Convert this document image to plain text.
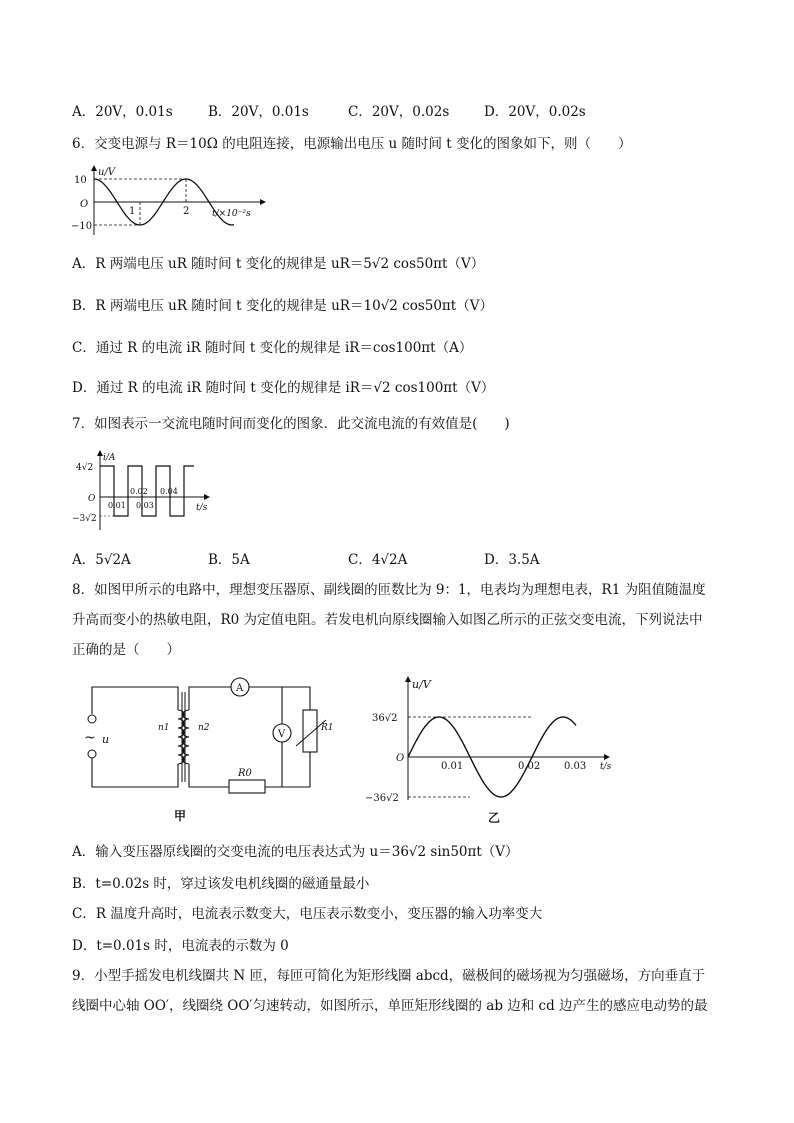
A．20V，0.01s	B．20V，0.01s	C．20V，0.02s	D．20V，0.02s
6．交变电源与 R＝10Ω 的电阻连接，电源输出电压 u 随时间 t 变化的图象如下，则（　　）
u/V
10
−10
O
1	2	t/×10⁻²s
A．R 两端电压 uR 随时间 t 变化的规律是 uR＝5√2 cos50πt（V）
B．R 两端电压 uR 随时间 t 变化的规律是 uR＝10√2 cos50πt（V）
C．通过 R 的电流 iR 随时间 t 变化的规律是 iR＝cos100πt（A）
D．通过 R 的电流 iR 随时间 t 变化的规律是 iR＝√2 cos100πt（V）
7．如图表示一交流电随时间而变化的图象．此交流电流的有效值是(　　)
i/A
4√2
−3√2
O
0.02 0.04
0.01 0.03	t/s
A．5√2A	B．5A	C．4√2A	D．3.5A
8．如图甲所示的电路中，理想变压器原、副线圈的匝数比为 9：1，电表均为理想电表，R1 为阻值随温度
升高而变小的热敏电阻，R0 为定值电阻。若发电机向原线圈输入如图乙所示的正弦交变电流，下列说法中
正确的是（　　）
~ u
n1	n2
A
R1
V
R0
甲
u/V
36√2
−36√2
O
0.01	0.02 0.03 t/s
乙
A．输入变压器原线圈的交变电流的电压表达式为 u＝36√2 sin50πt（V）
B．t=0.02s 时，穿过该发电机线圈的磁通量最小
C．R 温度升高时，电流表示数变大，电压表示数变小，变压器的输入功率变大
D．t=0.01s 时，电流表的示数为 0
9．小型手摇发电机线圈共 N 匝，每匝可简化为矩形线圈 abcd，磁极间的磁场视为匀强磁场，方向垂直于
线圈中心轴 OO′，线圈绕 OO′匀速转动，如图所示，单匝矩形线圈的 ab 边和 cd 边产生的感应电动势的最
